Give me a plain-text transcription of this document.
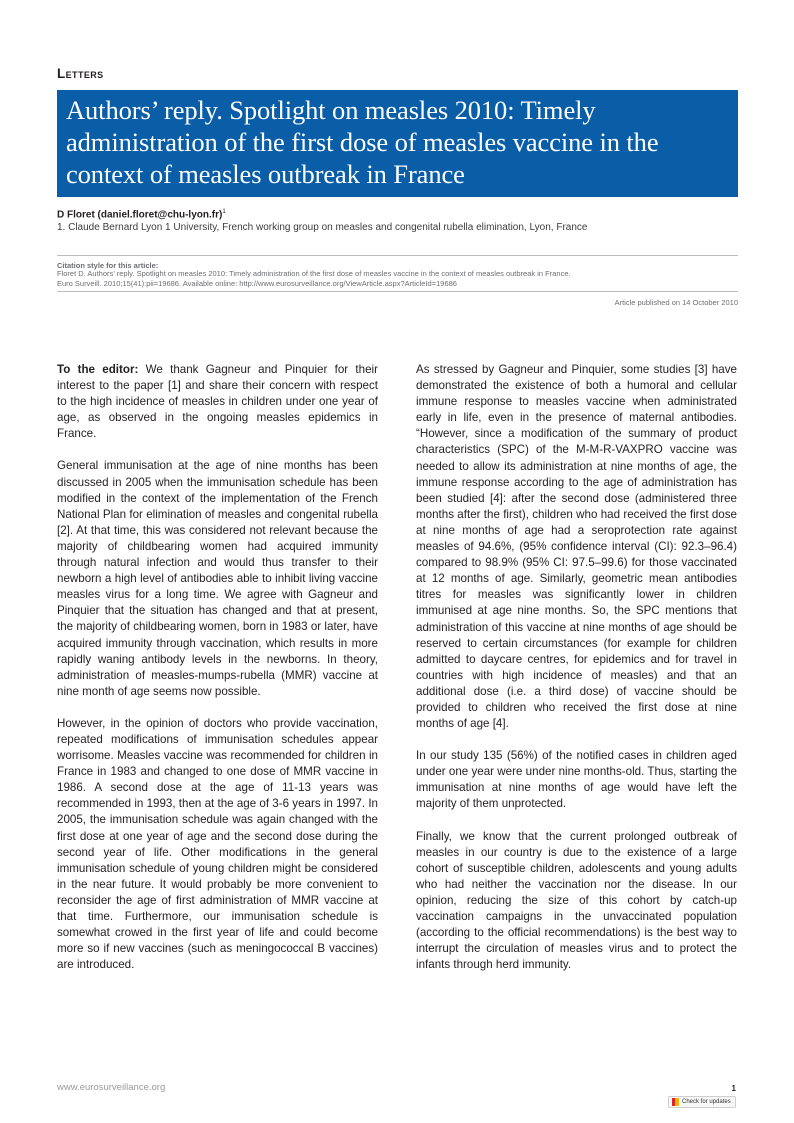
Letters
Authors’ reply. Spotlight on measles 2010: Timely administration of the first dose of measles vaccine in the context of measles outbreak in France
D Floret (daniel.floret@chu-lyon.fr)$^1$
1. Claude Bernard Lyon 1 University, French working group on measles and congenital rubella elimination, Lyon, France
Citation style for this article:
Floret D. Authors’ reply. Spotlight on measles 2010: Timely administration of the first dose of measles vaccine in the context of measles outbreak in France.
Euro Surveill. 2010;15(41):pii=19686. Available online: http://www.eurosurveillance.org/ViewArticle.aspx?ArticleId=19686
Article published on 14 October 2010

To the editor: We thank Gagneur and Pinquier for their interest to the paper [1] and share their concern with respect to the high incidence of measles in children under one year of age, as observed in the ongoing measles epidemics in France.

General immunisation at the age of nine months has been discussed in 2005 when the immunisation schedule has been modified in the context of the implementation of the French National Plan for elimination of measles and congenital rubella [2]. At that time, this was considered not relevant because the majority of childbearing women had acquired immunity through natural infection and would thus transfer to their newborn a high level of antibodies able to inhibit living vaccine measles virus for a long time. We agree with Gagneur and Pinquier that the situation has changed and that at present, the majority of childbearing women, born in 1983 or later, have acquired immunity through vaccination, which results in more rapidly waning antibody levels in the newborns. In theory, administration of measles-mumps-rubella (MMR) vaccine at nine month of age seems now possible.

However, in the opinion of doctors who provide vaccination, repeated modifications of immunisation schedules appear worrisome. Measles vaccine was recommended for children in France in 1983 and changed to one dose of MMR vaccine in 1986. A second dose at the age of 11-13 years was recommended in 1993, then at the age of 3-6 years in 1997. In 2005, the immunisation schedule was again changed with the first dose at one year of age and the second dose during the second year of life. Other modifications in the general immunisation schedule of young children might be considered in the near future. It would probably be more convenient to reconsider the age of first administration of MMR vaccine at that time. Furthermore, our immunisation schedule is somewhat crowed in the first year of life and could become more so if new vaccines (such as meningococcal B vaccines) are introduced.

As stressed by Gagneur and Pinquier, some studies [3] have demonstrated the existence of both a humoral and cellular immune response to measles vaccine when administrated early in life, even in the presence of maternal antibodies. “However, since a modification of the summary of product characteristics (SPC) of the M-M-R-VAXPRO vaccine was needed to allow its administration at nine months of age, the immune response according to the age of administration has been studied [4]: after the second dose (administered three months after the first), children who had received the first dose at nine months of age had a seroprotection rate against measles of 94.6%, (95% confidence interval (CI): 92.3–96.4) compared to 98.9% (95% CI: 97.5–99.6) for those vaccinated at 12 months of age. Similarly, geometric mean antibodies titres for measles was significantly lower in children immunised at age nine months. So, the SPC mentions that administration of this vaccine at nine months of age should be reserved to certain circumstances (for example for children admitted to daycare centres, for epidemics and for travel in countries with high incidence of measles) and that an additional dose (i.e. a third dose) of vaccine should be provided to children who received the first dose at nine months of age [4].

In our study 135 (56%) of the notified cases in children aged under one year were under nine months-old. Thus, starting the immunisation at nine months of age would have left the majority of them unprotected.

Finally, we know that the current prolonged outbreak of measles in our country is due to the existence of a large cohort of susceptible children, adolescents and young adults who had neither the vaccination nor the disease. In our opinion, reducing the size of this cohort by catch-up vaccination campaigns in the unvaccinated population (according to the official recommendations) is the best way to interrupt the circulation of measles virus and to protect the infants through herd immunity.

www.eurosurveillance.org	1
Check for updates
